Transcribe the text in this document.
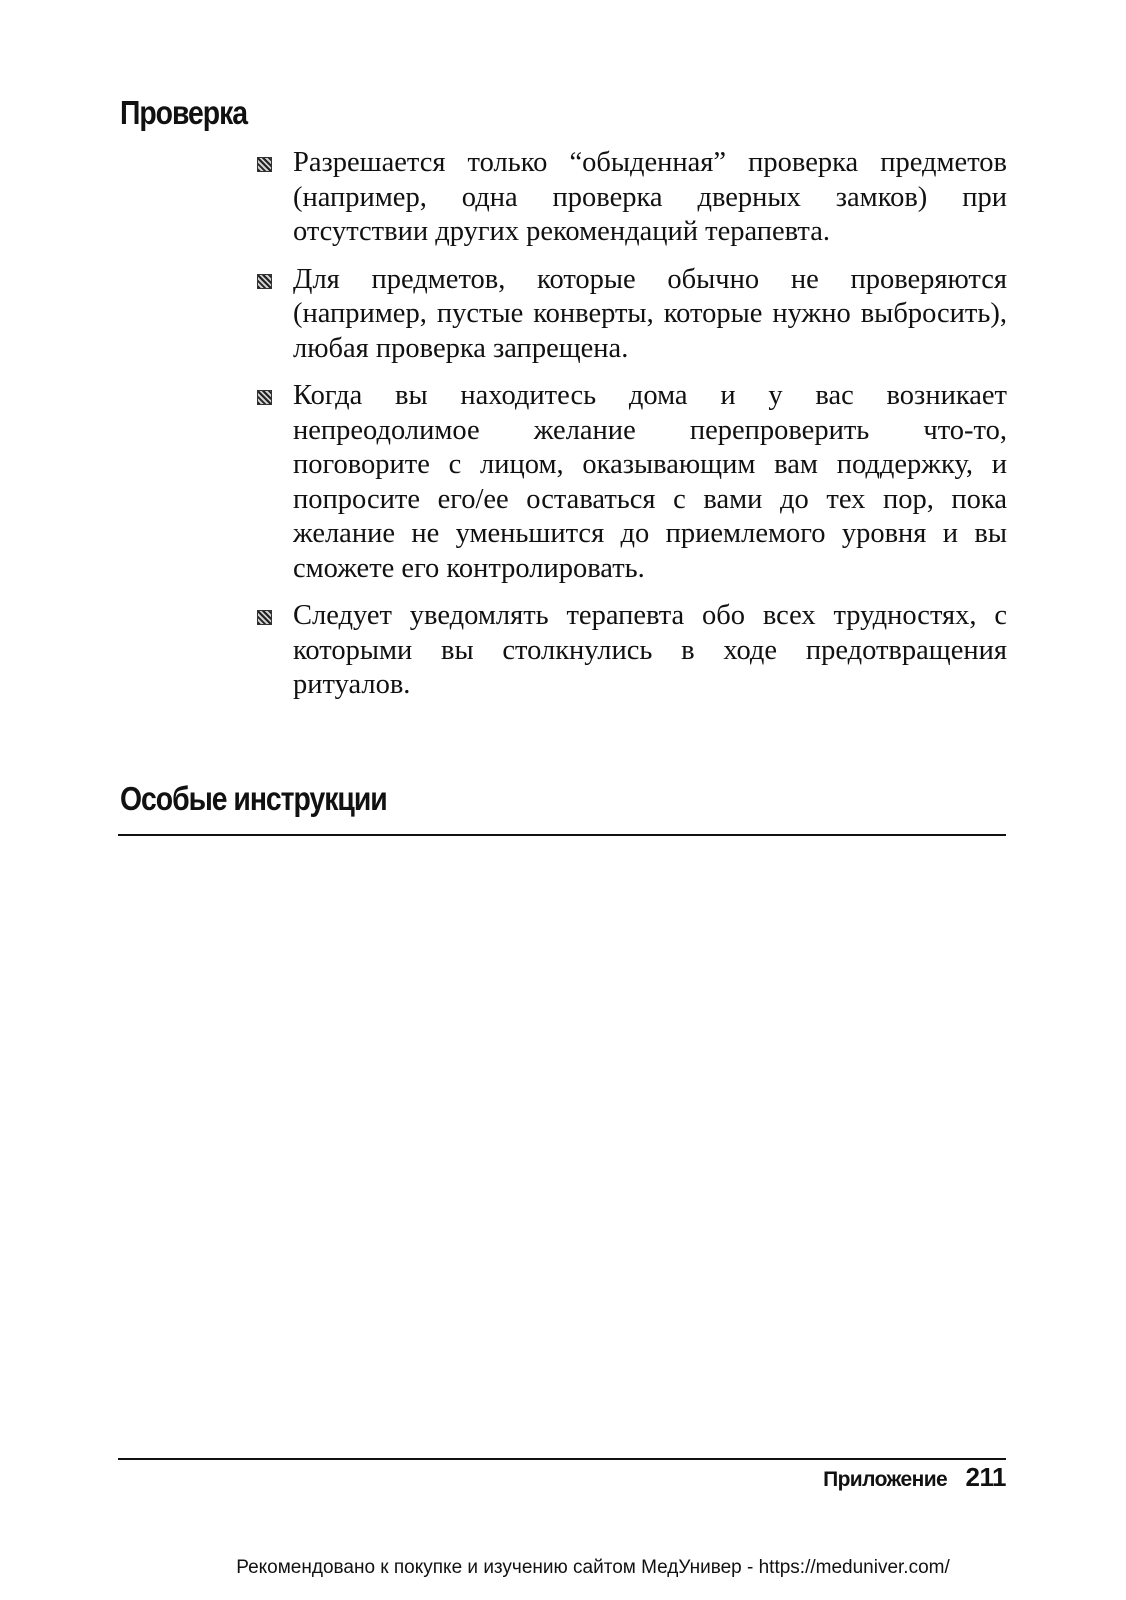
Проверка
Разрешается только “обыденная” проверка предметов (например, одна проверка дверных замков) при отсутствии других рекомендаций терапевта.
Для предметов, которые обычно не проверяются (например, пустые конверты, которые нужно выбросить), любая проверка запрещена.
Когда вы находитесь дома и у вас возникает непреодолимое желание перепроверить что-то, поговорите с лицом, оказывающим вам поддержку, и попросите его/ее оставаться с вами до тех пор, пока желание не уменьшится до приемлемого уровня и вы сможете его контролировать.
Следует уведомлять терапевта обо всех трудностях, с которыми вы столкнулись в ходе предотвращения ритуалов.
Особые инструкции
Приложение 211
Рекомендовано к покупке и изучению сайтом МедУнивер - https://meduniver.com/
